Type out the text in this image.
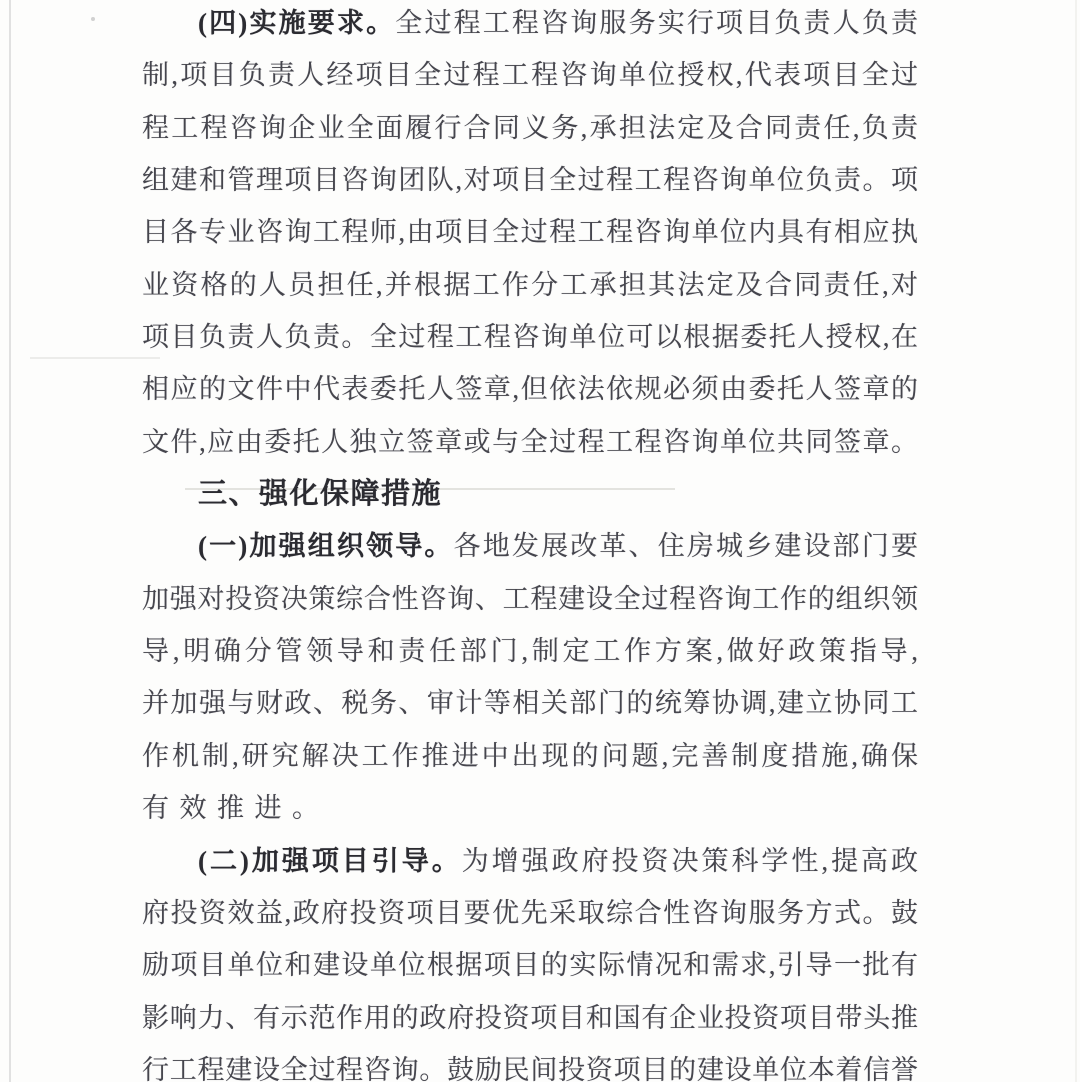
(四)实施要求。全过程工程咨询服务实行项目负责人负责
制,项目负责人经项目全过程工程咨询单位授权,代表项目全过
程工程咨询企业全面履行合同义务,承担法定及合同责任,负责
组建和管理项目咨询团队,对项目全过程工程咨询单位负责。项
目各专业咨询工程师,由项目全过程工程咨询单位内具有相应执
业资格的人员担任,并根据工作分工承担其法定及合同责任,对
项目负责人负责。全过程工程咨询单位可以根据委托人授权,在
相应的文件中代表委托人签章,但依法依规必须由委托人签章的
文件,应由委托人独立签章或与全过程工程咨询单位共同签章。
三、强化保障措施
(一)加强组织领导。各地发展改革、住房城乡建设部门要
加强对投资决策综合性咨询、工程建设全过程咨询工作的组织领
导,明确分管领导和责任部门,制定工作方案,做好政策指导,
并加强与财政、税务、审计等相关部门的统筹协调,建立协同工
作机制,研究解决工作推进中出现的问题,完善制度措施,确保
有效推进。
(二)加强项目引导。为增强政府投资决策科学性,提高政
府投资效益,政府投资项目要优先采取综合性咨询服务方式。鼓
励项目单位和建设单位根据项目的实际情况和需求,引导一批有
影响力、有示范作用的政府投资项目和国有企业投资项目带头推
行工程建设全过程咨询。鼓励民间投资项目的建设单位本着信誉
